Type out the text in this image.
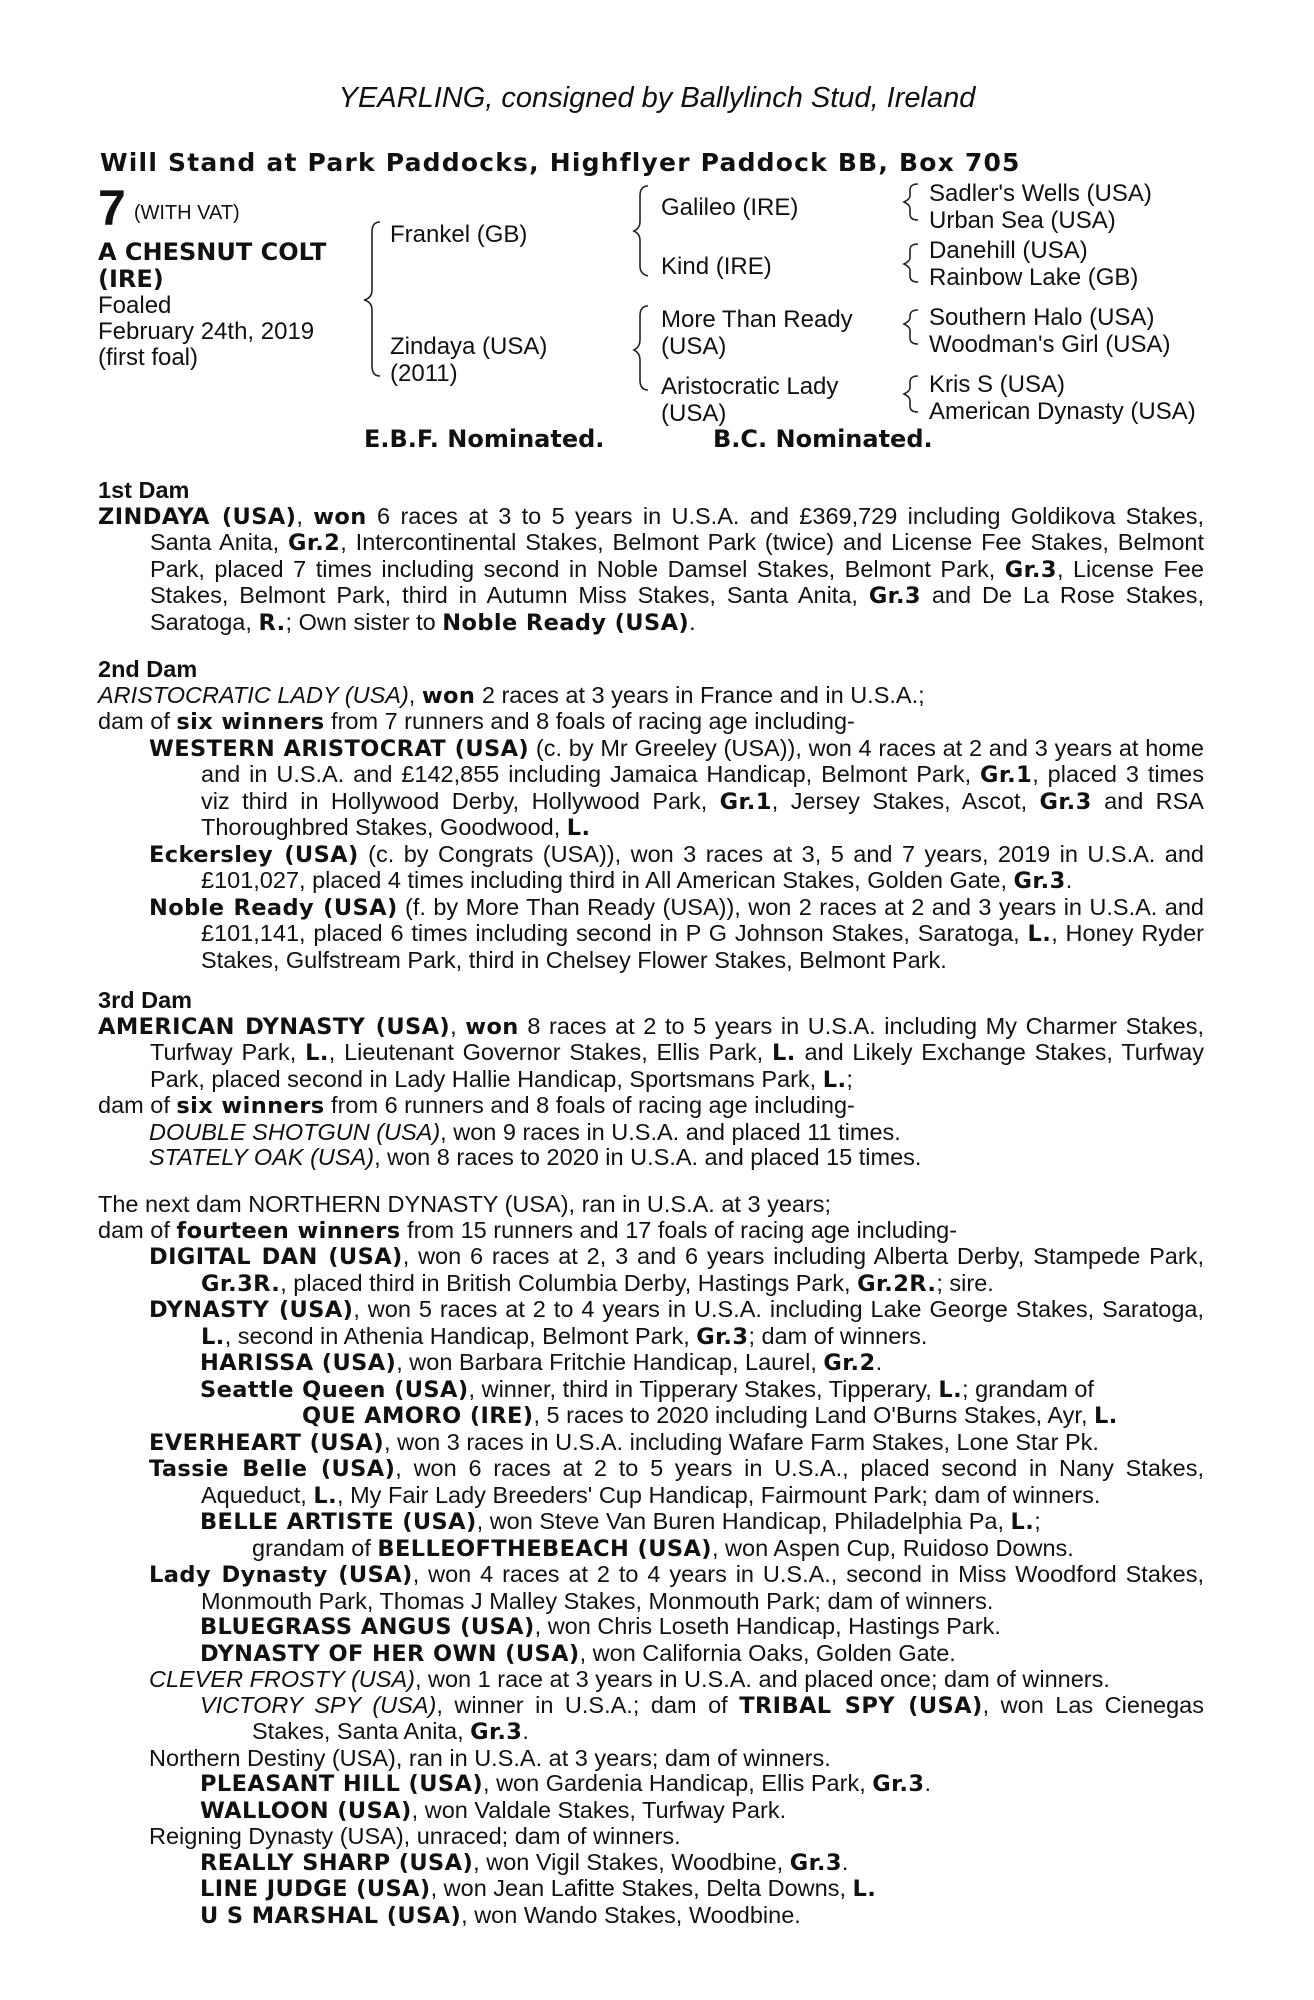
YEARLING, consigned by Ballylinch Stud, Ireland
Will Stand at Park Paddocks, Highflyer Paddock BB, Box 705
7 $^{(WITH VAT)}$
A CHESNUT COLT (IRE)
Foaled
February 24th, 2019
(first foal)
Frankel (GB)
Zindaya (USA) (2011)
Galileo (IRE)
Kind (IRE)
More Than Ready (USA)
Aristocratic Lady (USA)
Sadler's Wells (USA)
Urban Sea (USA)
Danehill (USA)
Rainbow Lake (GB)
Southern Halo (USA)
Woodman's Girl (USA)
Kris S (USA)
American Dynasty (USA)
E.B.F. Nominated.	B.C. Nominated.

1st Dam

ZINDAYA (USA), won 6 races at 3 to 5 years in U.S.A. and £369,729 including Goldikova Stakes, Santa Anita, Gr.2, Intercontinental Stakes, Belmont Park (twice) and License Fee Stakes, Belmont Park, placed 7 times including second in Noble Damsel Stakes, Belmont Park, Gr.3, License Fee Stakes, Belmont Park, third in Autumn Miss Stakes, Santa Anita, Gr.3 and De La Rose Stakes, Saratoga, R.; Own sister to Noble Ready (USA).

2nd Dam

ARISTOCRATIC LADY (USA), won 2 races at 3 years in France and in U.S.A.;

dam of six winners from 7 runners and 8 foals of racing age including-

WESTERN ARISTOCRAT (USA) (c. by Mr Greeley (USA)), won 4 races at 2 and 3 years at home and in U.S.A. and £142,855 including Jamaica Handicap, Belmont Park, Gr.1, placed 3 times viz third in Hollywood Derby, Hollywood Park, Gr.1, Jersey Stakes, Ascot, Gr.3 and RSA Thoroughbred Stakes, Goodwood, L.

Eckersley (USA) (c. by Congrats (USA)), won 3 races at 3, 5 and 7 years, 2019 in U.S.A. and £101,027, placed 4 times including third in All American Stakes, Golden Gate, Gr.3.

Noble Ready (USA) (f. by More Than Ready (USA)), won 2 races at 2 and 3 years in U.S.A. and £101,141, placed 6 times including second in P G Johnson Stakes, Saratoga, L., Honey Ryder Stakes, Gulfstream Park, third in Chelsey Flower Stakes, Belmont Park.

3rd Dam

AMERICAN DYNASTY (USA), won 8 races at 2 to 5 years in U.S.A. including My Charmer Stakes, Turfway Park, L., Lieutenant Governor Stakes, Ellis Park, L. and Likely Exchange Stakes, Turfway Park, placed second in Lady Hallie Handicap, Sportsmans Park, L.;

dam of six winners from 6 runners and 8 foals of racing age including-

DOUBLE SHOTGUN (USA), won 9 races in U.S.A. and placed 11 times.

STATELY OAK (USA), won 8 races to 2020 in U.S.A. and placed 15 times.

The next dam NORTHERN DYNASTY (USA), ran in U.S.A. at 3 years;

dam of fourteen winners from 15 runners and 17 foals of racing age including-

DIGITAL DAN (USA), won 6 races at 2, 3 and 6 years including Alberta Derby, Stampede Park, Gr.3R., placed third in British Columbia Derby, Hastings Park, Gr.2R.; sire.

DYNASTY (USA), won 5 races at 2 to 4 years in U.S.A. including Lake George Stakes, Saratoga, L., second in Athenia Handicap, Belmont Park, Gr.3; dam of winners.

HARISSA (USA), won Barbara Fritchie Handicap, Laurel, Gr.2.

Seattle Queen (USA), winner, third in Tipperary Stakes, Tipperary, L.; grandam of

QUE AMORO (IRE), 5 races to 2020 including Land O'Burns Stakes, Ayr, L.

EVERHEART (USA), won 3 races in U.S.A. including Wafare Farm Stakes, Lone Star Pk.

Tassie Belle (USA), won 6 races at 2 to 5 years in U.S.A., placed second in Nany Stakes, Aqueduct, L., My Fair Lady Breeders' Cup Handicap, Fairmount Park; dam of winners.

BELLE ARTISTE (USA), won Steve Van Buren Handicap, Philadelphia Pa, L.;

grandam of BELLEOFTHEBEACH (USA), won Aspen Cup, Ruidoso Downs.

Lady Dynasty (USA), won 4 races at 2 to 4 years in U.S.A., second in Miss Woodford Stakes, Monmouth Park, Thomas J Malley Stakes, Monmouth Park; dam of winners.

BLUEGRASS ANGUS (USA), won Chris Loseth Handicap, Hastings Park.

DYNASTY OF HER OWN (USA), won California Oaks, Golden Gate.

CLEVER FROSTY (USA), won 1 race at 3 years in U.S.A. and placed once; dam of winners.

VICTORY SPY (USA), winner in U.S.A.; dam of TRIBAL SPY (USA), won Las Cienegas Stakes, Santa Anita, Gr.3.

Northern Destiny (USA), ran in U.S.A. at 3 years; dam of winners.

PLEASANT HILL (USA), won Gardenia Handicap, Ellis Park, Gr.3.

WALLOON (USA), won Valdale Stakes, Turfway Park.

Reigning Dynasty (USA), unraced; dam of winners.

REALLY SHARP (USA), won Vigil Stakes, Woodbine, Gr.3.

LINE JUDGE (USA), won Jean Lafitte Stakes, Delta Downs, L.

U S MARSHAL (USA), won Wando Stakes, Woodbine.
